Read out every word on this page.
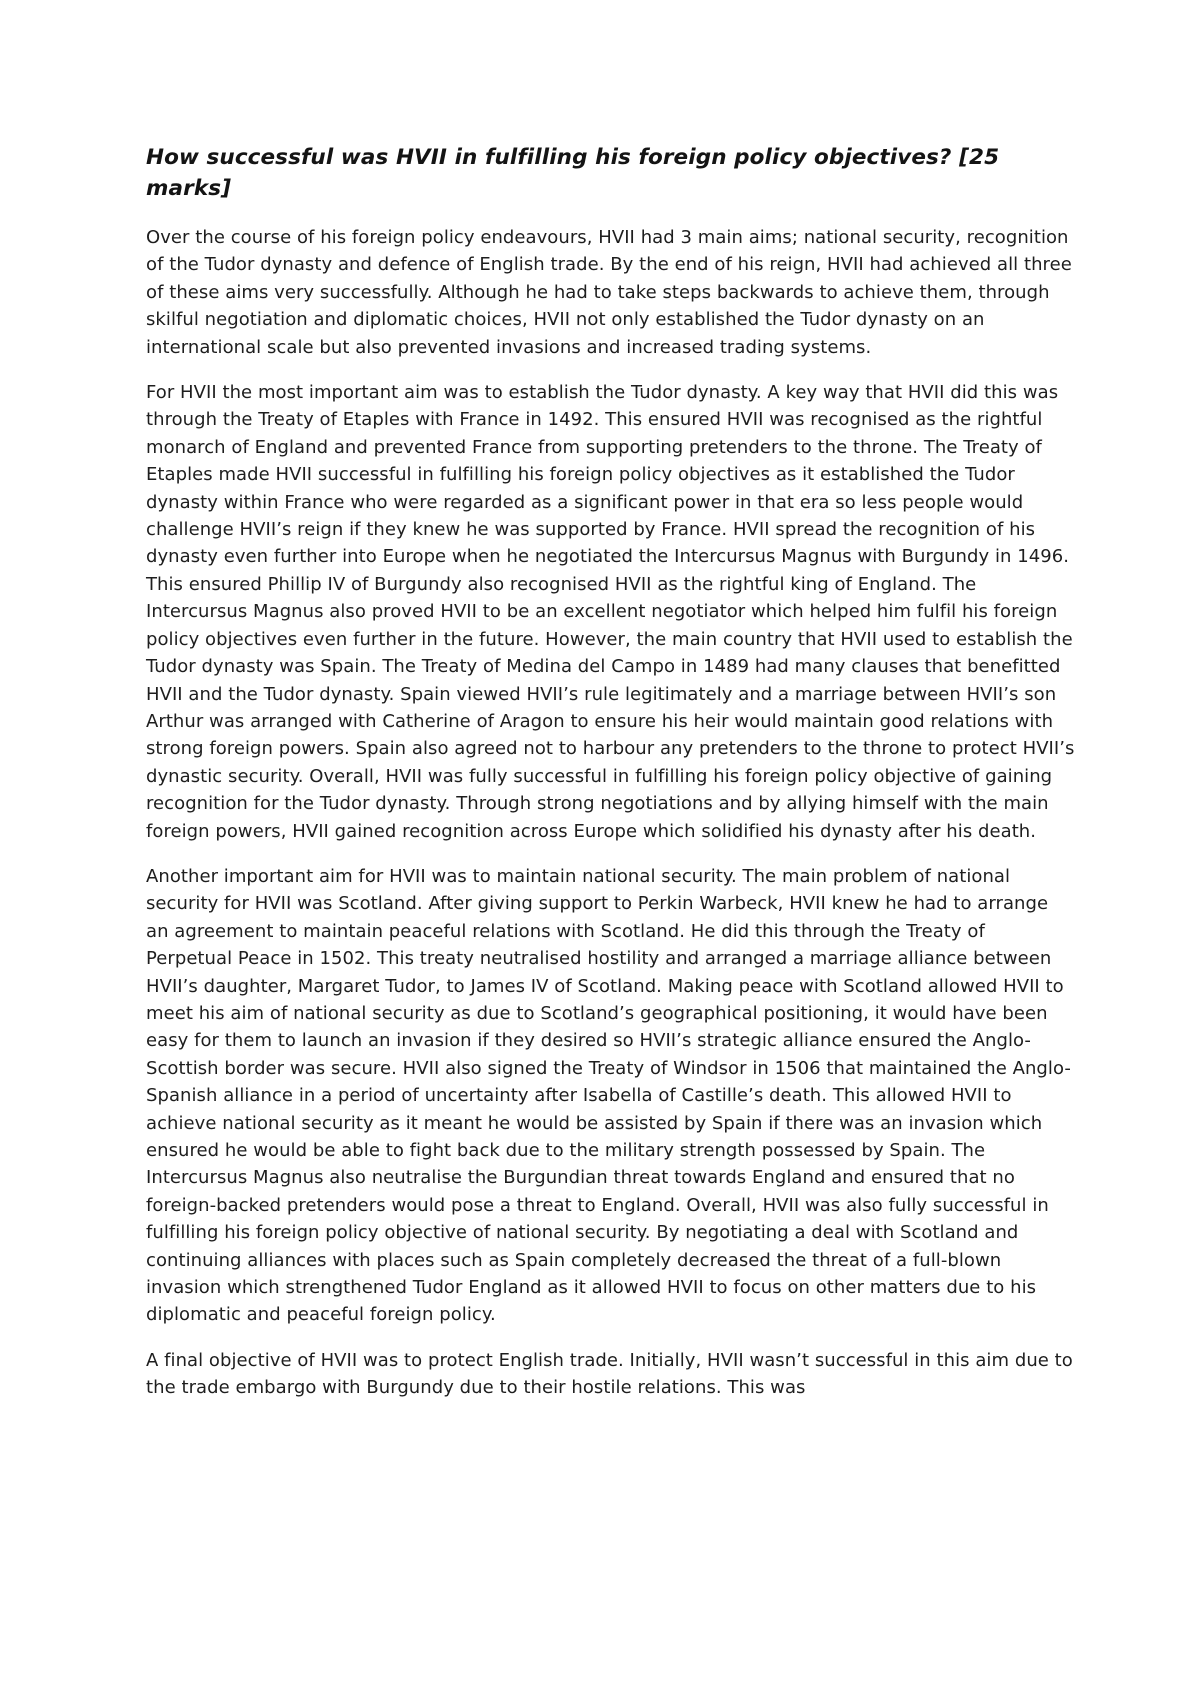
How successful was HVII in fulfilling his foreign policy objectives? [25 marks]

Over the course of his foreign policy endeavours, HVII had 3 main aims; national security, recognition of the Tudor dynasty and defence of English trade. By the end of his reign, HVII had achieved all three of these aims very successfully. Although he had to take steps backwards to achieve them, through skilful negotiation and diplomatic choices, HVII not only established the Tudor dynasty on an international scale but also prevented invasions and increased trading systems.

For HVII the most important aim was to establish the Tudor dynasty. A key way that HVII did this was through the Treaty of Etaples with France in 1492. This ensured HVII was recognised as the rightful monarch of England and prevented France from supporting pretenders to the throne. The Treaty of Etaples made HVII successful in fulfilling his foreign policy objectives as it established the Tudor dynasty within France who were regarded as a significant power in that era so less people would challenge HVII’s reign if they knew he was supported by France. HVII spread the recognition of his dynasty even further into Europe when he negotiated the Intercursus Magnus with Burgundy in 1496. This ensured Phillip IV of Burgundy also recognised HVII as the rightful king of England. The Intercursus Magnus also proved HVII to be an excellent negotiator which helped him fulfil his foreign policy objectives even further in the future. However, the main country that HVII used to establish the Tudor dynasty was Spain. The Treaty of Medina del Campo in 1489 had many clauses that benefitted HVII and the Tudor dynasty. Spain viewed HVII’s rule legitimately and a marriage between HVII’s son Arthur was arranged with Catherine of Aragon to ensure his heir would maintain good relations with strong foreign powers. Spain also agreed not to harbour any pretenders to the throne to protect HVII’s dynastic security. Overall, HVII was fully successful in fulfilling his foreign policy objective of gaining recognition for the Tudor dynasty. Through strong negotiations and by allying himself with the main foreign powers, HVII gained recognition across Europe which solidified his dynasty after his death.

Another important aim for HVII was to maintain national security. The main problem of national security for HVII was Scotland. After giving support to Perkin Warbeck, HVII knew he had to arrange an agreement to maintain peaceful relations with Scotland. He did this through the Treaty of Perpetual Peace in 1502. This treaty neutralised hostility and arranged a marriage alliance between HVII’s daughter, Margaret Tudor, to James IV of Scotland. Making peace with Scotland allowed HVII to meet his aim of national security as due to Scotland’s geographical positioning, it would have been easy for them to launch an invasion if they desired so HVII’s strategic alliance ensured the Anglo-Scottish border was secure. HVII also signed the Treaty of Windsor in 1506 that maintained the Anglo-Spanish alliance in a period of uncertainty after Isabella of Castille’s death. This allowed HVII to achieve national security as it meant he would be assisted by Spain if there was an invasion which ensured he would be able to fight back due to the military strength possessed by Spain. The Intercursus Magnus also neutralise the Burgundian threat towards England and ensured that no foreign-backed pretenders would pose a threat to England. Overall, HVII was also fully successful in fulfilling his foreign policy objective of national security. By negotiating a deal with Scotland and continuing alliances with places such as Spain completely decreased the threat of a full-blown invasion which strengthened Tudor England as it allowed HVII to focus on other matters due to his diplomatic and peaceful foreign policy.

A final objective of HVII was to protect English trade. Initially, HVII wasn’t successful in this aim due to the trade embargo with Burgundy due to their hostile relations. This was
